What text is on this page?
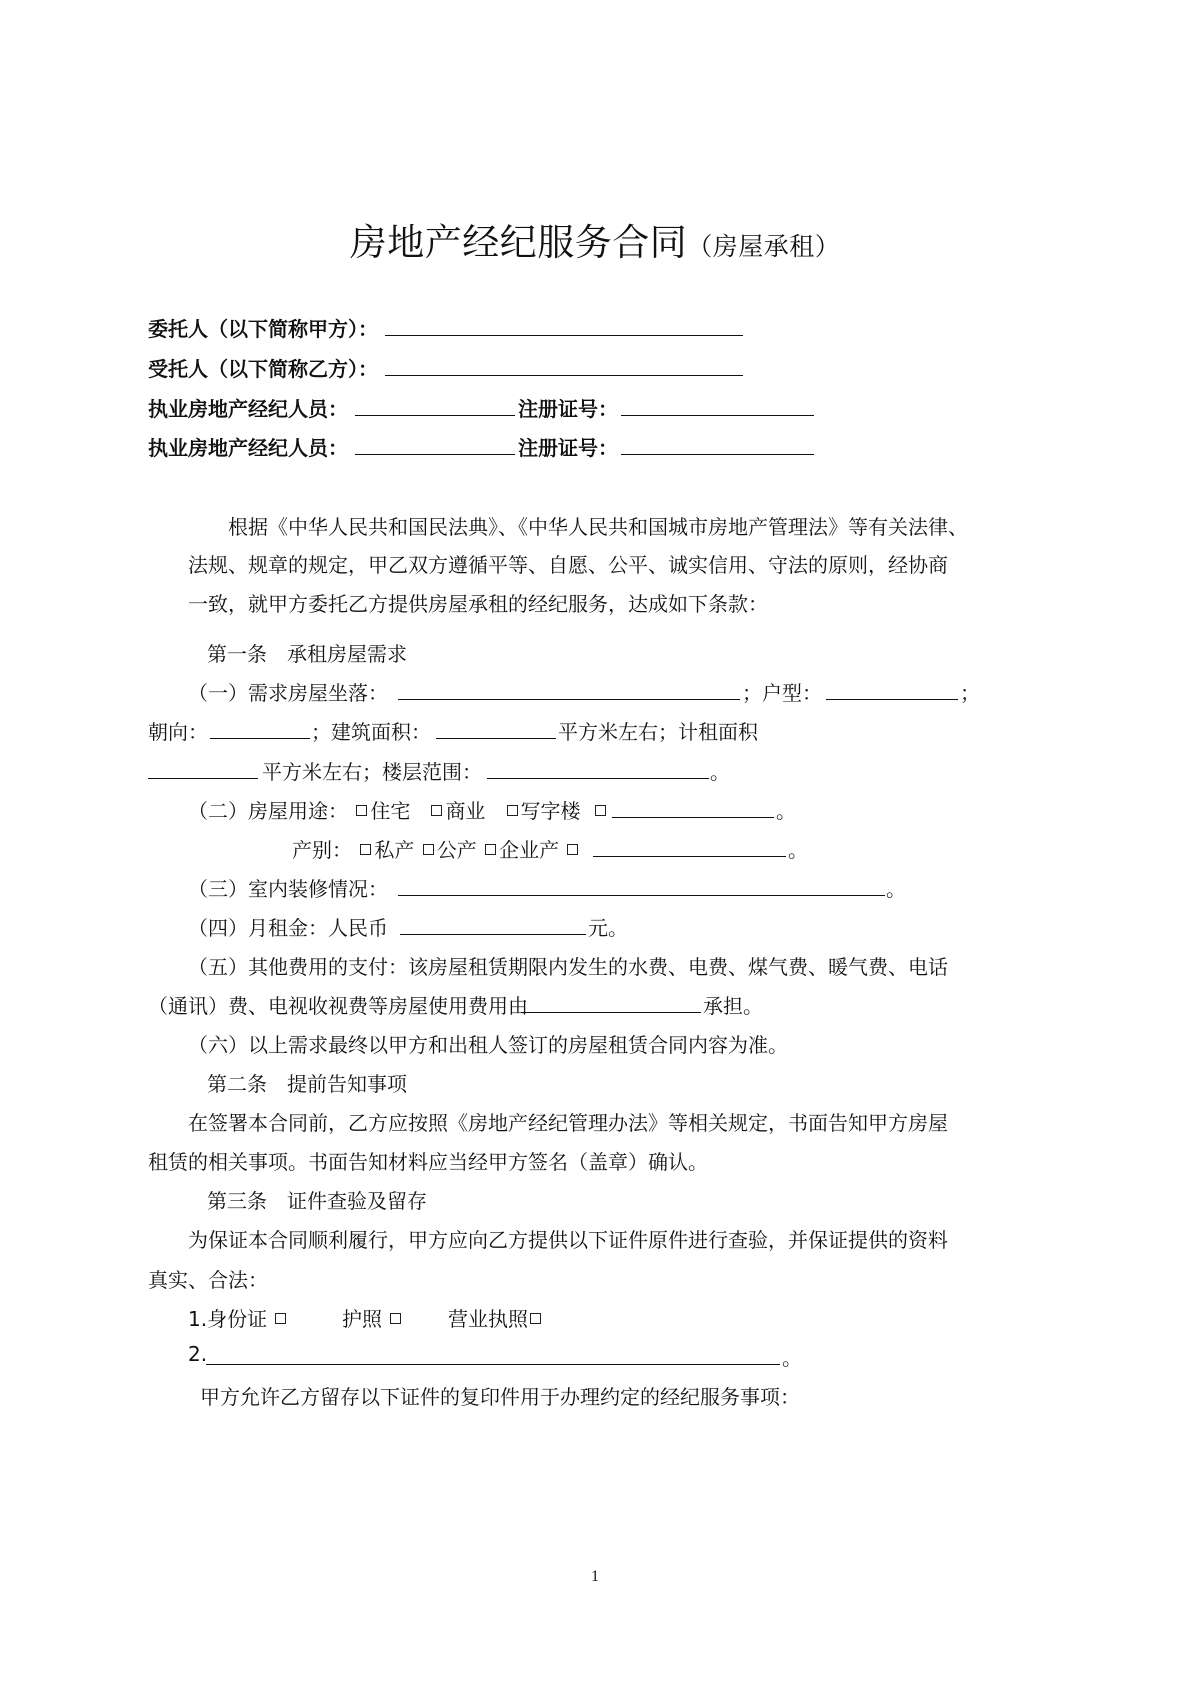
房地产经纪服务合同（房屋承租）
委托人（以下简称甲方）：
受托人（以下简称乙方）：
执业房地产经纪人员：	注册证号：
执业房地产经纪人员：	注册证号：
根据《中华人民共和国民法典》、《中华人民共和国城市房地产管理法》等有关法律、
法规、规章的规定，甲乙双方遵循平等、自愿、公平、诚实信用、守法的原则，经协商
一致，就甲方委托乙方提供房屋承租的经纪服务，达成如下条款：
第一条　承租房屋需求
（一）需求房屋坐落：	；户型：	；
朝向：	；建筑面积：	平方米左右；计租面积
平方米左右；楼层范围：	。
（二）房屋用途： 住宅 商业 写字楼	。
产别： 私产 公产 企业产	。
（三）室内装修情况：	。
（四）月租金：人民币	元。
（五）其他费用的支付：该房屋租赁期限内发生的水费、电费、煤气费、暖气费、电话
（通讯）费、电视收视费等房屋使用费用由	承担。
（六）以上需求最终以甲方和出租人签订的房屋租赁合同内容为准。
第二条　提前告知事项
在签署本合同前，乙方应按照《房地产经纪管理办法》等相关规定，书面告知甲方房屋
租赁的相关事项。书面告知材料应当经甲方签名（盖章）确认。
第三条　证件查验及留存
为保证本合同顺利履行，甲方应向乙方提供以下证件原件进行查验，并保证提供的资料
真实、合法：
1.身份证	护照	营业执照
2.	。
甲方允许乙方留存以下证件的复印件用于办理约定的经纪服务事项：
1
